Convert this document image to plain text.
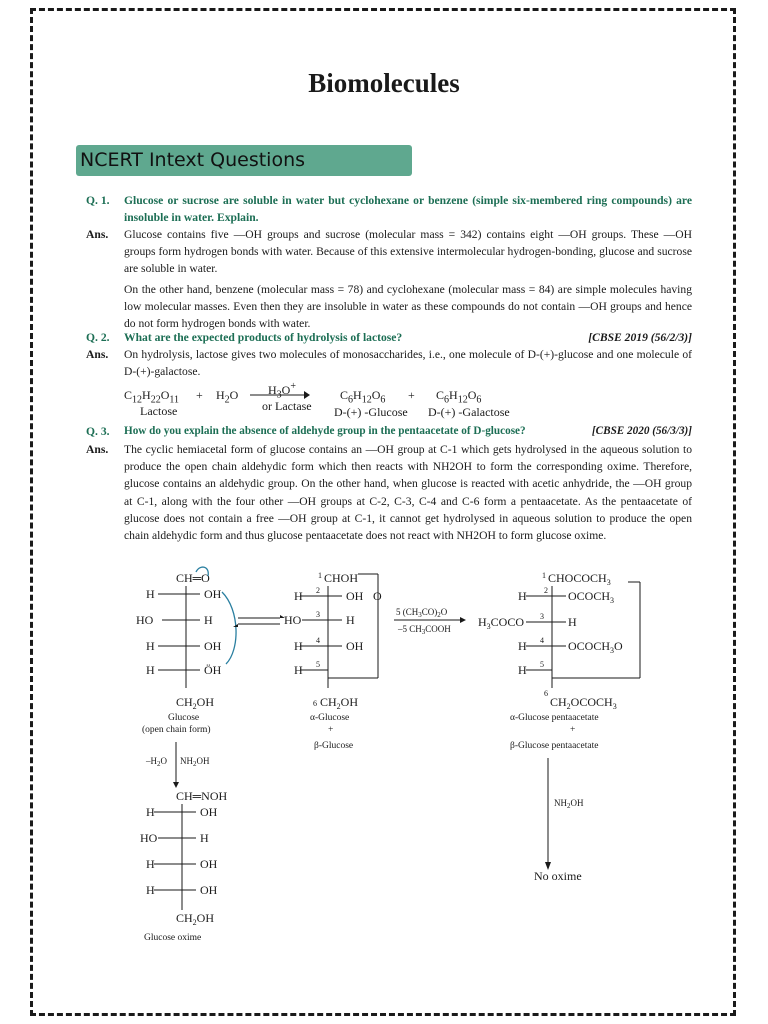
Biomolecules
NCERT Intext Questions
Q. 1. Glucose or sucrose are soluble in water but cyclohexane or benzene (simple six-membered ring compounds) are insoluble in water. Explain.
Ans. Glucose contains five —OH groups and sucrose (molecular mass = 342) contains eight —OH groups. These —OH groups form hydrogen bonds with water. Because of this extensive intermolecular hydrogen-bonding, glucose and sucrose are soluble in water.
On the other hand, benzene (molecular mass = 78) and cyclohexane (molecular mass = 84) are simple molecules having low molecular masses. Even then they are insoluble in water as these compounds do not contain —OH groups and hence do not form hydrogen bonds with water.
Q. 2.	[CBSE 2019 (56/2/3)]
What are the expected products of hydrolysis of lactose?
Ans. On hydrolysis, lactose gives two molecules of monosaccharides, i.e., one molecule of D-(+)-glucose and one molecule of D-(+)-galactose.
$C_{12}H_{22}O_{11}$
Lactose
+ $H_2O$ $H_3O^+$
or Lactase
$C_6H_{12}O_6$
D-(+) -Glucose
+ $C_6H_{12}O_6$
D-(+) -Galactose
Q. 3.	[CBSE 2020 (56/3/3)]
How do you explain the absence of aldehyde group in the pentaacetate of D-glucose?
Ans. The cyclic hemiacetal form of glucose contains an —OH group at C-1 which gets hydrolysed in the aqueous solution to produce the open chain aldehydic form which then reacts with NH2OH to form the corresponding oxime. Therefore, glucose contains an aldehydic group. On the other hand, when glucose is reacted with acetic anhydride, the —OH group at C-1, along with the four other —OH groups at C-2, C-3, C-4 and C-6 form a pentaacetate. As the pentaacetate of glucose does not contain a free —OH group at C-1, it cannot get hydrolysed in aqueous solution to produce the open chain aldehydic form and thus glucose pentaacetate does not react with NH2OH to form glucose oxime.
CH═O
H	OH
HO	H
H	OH
H	ÖH
$CH_2OH$
Glucose
(open chain form)
1 CHOH
2
H	OH O
3
HO	H
4
H	OH
5
H
6 $CH_2OH$
α-Glucose
+
β-Glucose
5 $(CH_3CO)_2O$
–5 $CH_3COOH$
1 $CHOCOCH_3$
2
H	$OCOCH_3$
3
$H_3COCO$	H
4
H	$OCOCH_3O$
5
H
6
$CH_2OCOCH_3$
α-Glucose pentaacetate
+
β-Glucose pentaacetate
$-H_2O$ $NH_2OH$
CH═NOH
H	OH
HO	H
H	OH
H	OH
$CH_2OH$
Glucose oxime
$NH_2OH$
No oxime
